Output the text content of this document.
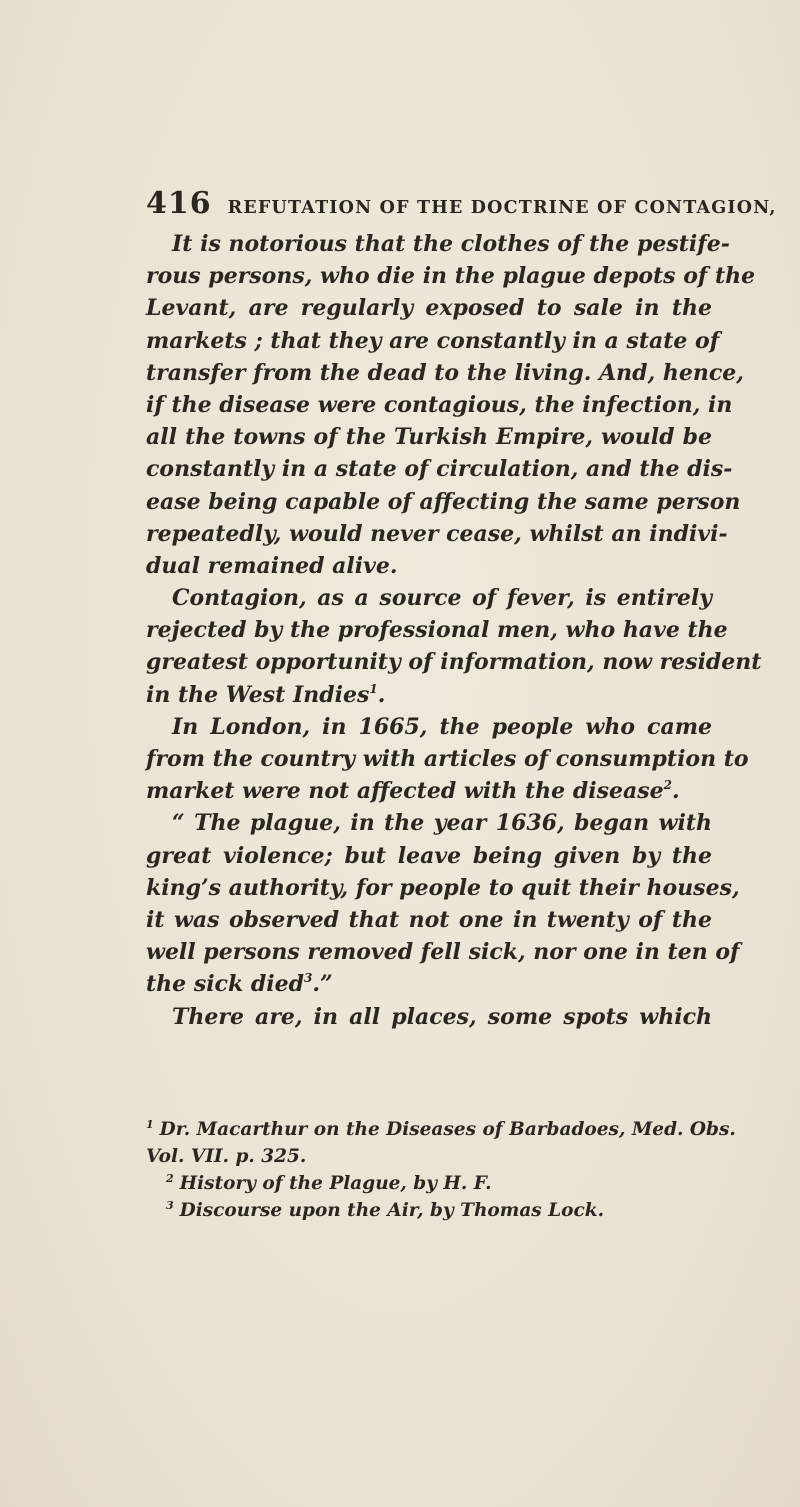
416 REFUTATION OF THE DOCTRINE OF CONTAGION,
It is notorious that the clothes of the pestife-
rous persons, who die in the plague depots of the
Levant, are regularly exposed to sale in the
markets ; that they are constantly in a state of
transfer from the dead to the living. And, hence,
if the disease were contagious, the infection, in
all the towns of the Turkish Empire, would be
constantly in a state of circulation, and the dis-
ease being capable of affecting the same person
repeatedly, would never cease, whilst an indivi-
dual remained alive.
Contagion, as a source of fever, is entirely
rejected by the professional men, who have the
greatest opportunity of information, now resident
in the West Indies$^1$.
In London, in 1665, the people who came
from the country with articles of consumption to
market were not affected with the disease$^2$.
“ The plague, in the year 1636, began with
great violence; but leave being given by the
king’s authority, for people to quit their houses,
it was observed that not one in twenty of the
well persons removed fell sick, nor one in ten of
the sick died$^3$.”
There are, in all places, some spots which
$^1$ Dr. Macarthur on the Diseases of Barbadoes, Med. Obs.
Vol. VII. p. 325.
$^2$ History of the Plague, by H. F.
$^3$ Discourse upon the Air, by Thomas Lock.
